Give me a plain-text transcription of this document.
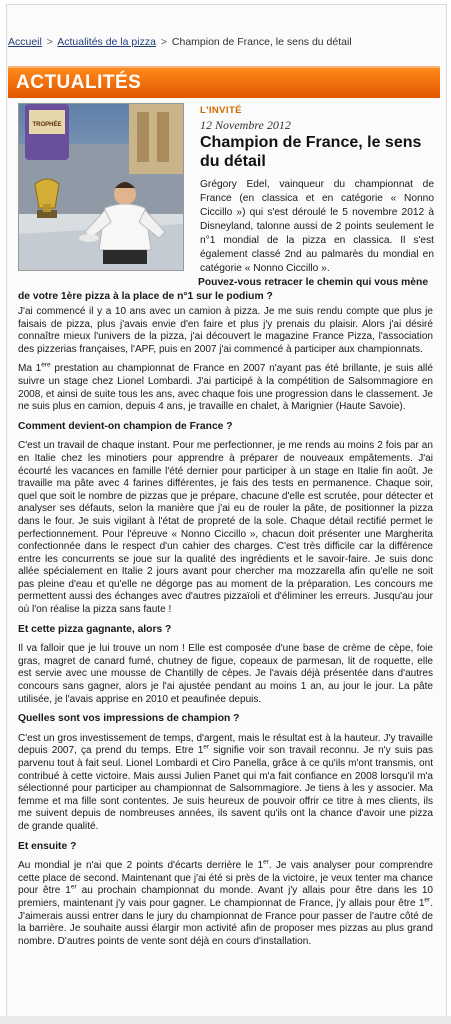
Accueil > Actualités de la pizza > Champion de France, le sens du détail
ACTUALITÉS
TROPHÉE
L'INVITÉ
12 Novembre 2012
Champion de France, le sens du détail
Grégory Edel, vainqueur du championnat de France (en classica et en catégorie « Nonno Ciccillo ») qui s'est déroulé le 5 novembre 2012 à Disneyland, talonne aussi de 2 points seulement le n°1 mondial de la pizza en classica. Il s'est également classé 2nd au palmarès du mondial en catégorie « Nonno Ciccillo ».
Pouvez-vous retracer le chemin qui vous mène
de votre 1ère pizza à la place de n°1 sur le podium ?

J'ai commencé il y a 10 ans avec un camion à pizza. Je me suis rendu compte que plus je faisais de pizza, plus j'avais envie d'en faire et plus j'y prenais du plaisir. Alors j'ai désiré connaître mieux l'univers de la pizza, j'ai découvert le magazine France Pizza, l'association des pizzerias françaises, l'APF, puis en 2007 j'ai commencé à participer aux championnats.

Ma 1ère prestation au championnat de France en 2007 n'ayant pas été brillante, je suis allé suivre un stage chez Lionel Lombardi. J'ai participé à la compétition de Salsommagiore en 2008, et ainsi de suite tous les ans, avec chaque fois une progression dans le classement. Je ne suis plus en camion, depuis 4 ans, je travaille en chalet, à Marignier (Haute Savoie).

Comment devient-on champion de France ?

C'est un travail de chaque instant. Pour me perfectionner, je me rends au moins 2 fois par an en Italie chez les minotiers pour apprendre à préparer de nouveaux empâtements. J'ai écourté les vacances en famille l'été dernier pour participer à un stage en Italie fin août. Je travaille ma pâte avec 4 farines différentes, je fais des tests en permanence. Chaque soir, quel que soit le nombre de pizzas que je prépare, chacune d'elle est scrutée, pour détecter et analyser ses défauts, selon la manière que j'ai eu de rouler la pâte, de positionner la pizza dans le four. Je suis vigilant à l'état de propreté de la sole. Chaque détail rectifié permet le perfectionnement. Pour l'épreuve « Nonno Ciccillo », chacun doit présenter une Margherita confectionnée dans le respect d'un cahier des charges. C'est très difficile car la différence entre les concurrents se joue sur la qualité des ingrédients et le savoir-faire. Je suis donc allée spécialement en Italie 2 jours avant pour chercher ma mozzarella afin qu'elle ne soit pas pleine d'eau et qu'elle ne dégorge pas au moment de la préparation. Les concours me permettent aussi des échanges avec d'autres pizzaïoli et d'éliminer les erreurs. Jusqu'au jour où l'on réalise la pizza sans faute !

Et cette pizza gagnante, alors ?

Il va falloir que je lui trouve un nom ! Elle est composée d'une base de crème de cèpe, foie gras, magret de canard fumé, chutney de figue, copeaux de parmesan, lit de roquette, elle est servie avec une mousse de Chantilly de cèpes. Je l'avais déjà présentée dans d'autres concours sans gagner, alors je l'ai ajustée pendant au moins 1 an, au jour le jour. La pâte utilisée, je l'avais apprise en 2010 et peaufinée depuis.

Quelles sont vos impressions de champion ?

C'est un gros investissement de temps, d'argent, mais le résultat est à la hauteur. J'y travaille depuis 2007, ça prend du temps. Etre 1er signifie voir son travail reconnu. Je n'y suis pas parvenu tout à fait seul. Lionel Lombardi et Ciro Panella, grâce à ce qu'ils m'ont transmis, ont contribué à cette victoire. Mais aussi Julien Panet qui m'a fait confiance en 2008 lorsqu'il m'a sélectionné pour participer au championnat de Salsommagiore. Je tiens à les y associer. Ma femme et ma fille sont contentes. Je suis heureux de pouvoir offrir ce titre à mes clients, ils me suivent depuis de nombreuses années, ils savent qu'ils ont la chance d'avoir une pizza de grande qualité.

Et ensuite ?

Au mondial je n'ai que 2 points d'écarts derrière le 1er. Je vais analyser pour comprendre cette place de second. Maintenant que j'ai été si près de la victoire, je veux tenter ma chance pour être 1er au prochain championnat du monde. Avant j'y allais pour être dans les 10 premiers, maintenant j'y vais pour gagner. Le championnat de France, j'y allais pour être 1er. J'aimerais aussi entrer dans le jury du championnat de France pour passer de l'autre côté de la barrière. Je souhaite aussi élargir mon activité afin de proposer mes pizzas au plus grand nombre. D'autres points de vente sont déjà en cours d'installation.
